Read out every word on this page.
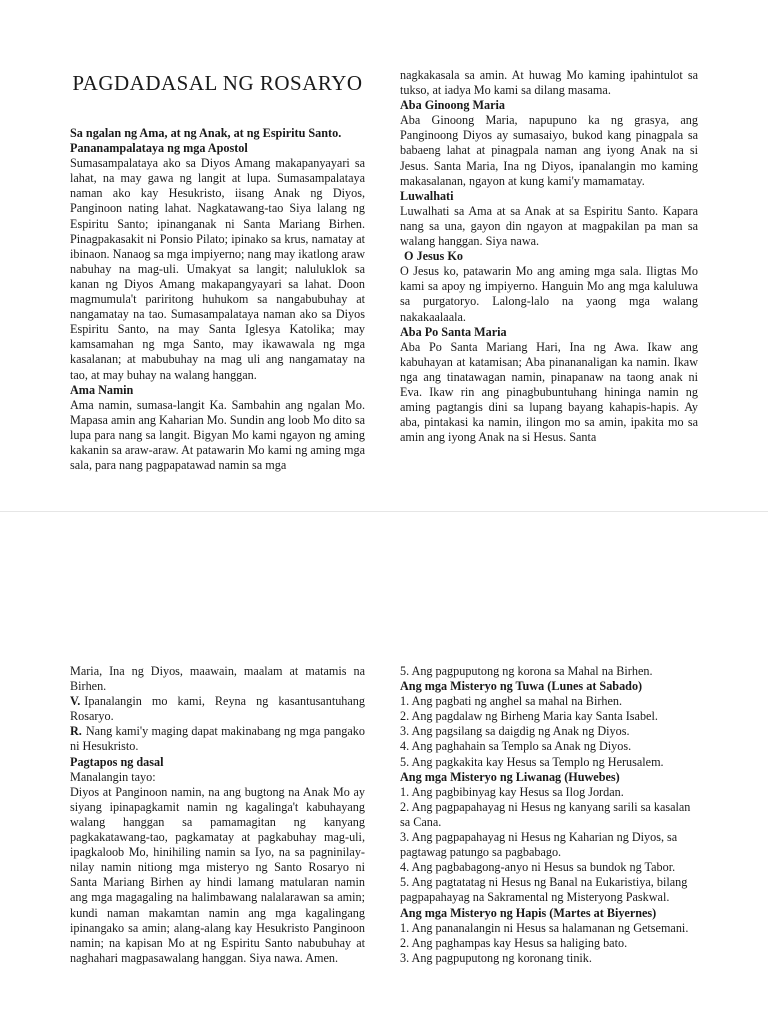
PAGDADASAL NG ROSARYO

Sa ngalan ng Ama, at ng Anak, at ng Espiritu Santo.

Pananampalataya ng mga Apostol

Sumasampalataya ako sa Diyos Amang makapanyayari sa lahat, na may gawa ng langit at lupa. Sumasampalataya naman ako kay Hesukristo, iisang Anak ng Diyos, Panginoon nating lahat. Nagkatawang-tao Siya lalang ng Espiritu Santo; ipinanganak ni Santa Mariang Birhen. Pinagpakasakit ni Ponsio Pilato; ipinako sa krus, namatay at ibinaon. Nanaog sa mga impiyerno; nang may ikatlong araw nabuhay na mag-uli. Umakyat sa langit; naluluklok sa kanan ng Diyos Amang makapangyayari sa lahat. Doon magmumula't pariritong huhukom sa nangabubuhay at nangamatay na tao. Sumasampalataya naman ako sa Diyos Espiritu Santo, na may Santa Iglesya Katolika; may kamsamahan ng mga Santo, may ikawawala ng mga kasalanan; at mabubuhay na mag uli ang nangamatay na tao, at may buhay na walang hanggan.

Ama Namin

Ama namin, sumasa-langit Ka. Sambahin ang ngalan Mo. Mapasa amin ang Kaharian Mo. Sundin ang loob Mo dito sa lupa para nang sa langit. Bigyan Mo kami ngayon ng aming kakanin sa araw-araw. At patawarin Mo kami ng aming mga sala, para nang pagpapatawad namin sa mga

nagkakasala sa amin. At huwag Mo kaming ipahintulot sa tukso, at iadya Mo kami sa dilang masama.

Aba Ginoong Maria

Aba Ginoong Maria, napupuno ka ng grasya, ang Panginoong Diyos ay sumasaiyo, bukod kang pinagpala sa babaeng lahat at pinagpala naman ang iyong Anak na si Jesus. Santa Maria, Ina ng Diyos, ipanalangin mo kaming makasalanan, ngayon at kung kami'y mamamatay.

Luwalhati

Luwalhati sa Ama at sa Anak at sa Espiritu Santo. Kapara nang sa una, gayon din ngayon at magpakilan pa man sa walang hanggan. Siya nawa.

O Jesus Ko

O Jesus ko, patawarin Mo ang aming mga sala. Iligtas Mo kami sa apoy ng impiyerno. Hanguin Mo ang mga kaluluwa sa purgatoryo. Lalong-lalo na yaong mga walang nakakaalaala.

Aba Po Santa Maria

Aba Po Santa Mariang Hari, Ina ng Awa. Ikaw ang kabuhayan at katamisan; Aba pinananaligan ka namin. Ikaw nga ang tinatawagan namin, pinapanaw na taong anak ni Eva. Ikaw rin ang pinagbubuntuhang hininga namin ng aming pagtangis dini sa lupang bayang kahapis-hapis. Ay aba, pintakasi ka namin, ilingon mo sa amin, ipakita mo sa amin ang iyong Anak na si Hesus. Santa

Maria, Ina ng Diyos, maawain, maalam at matamis na Birhen.

V. Ipanalangin mo kami, Reyna ng kasantusantuhang Rosaryo.

R. Nang kami'y maging dapat makinabang ng mga pangako ni Hesukristo.

Pagtapos ng dasal

Manalangin tayo:

Diyos at Panginoon namin, na ang bugtong na Anak Mo ay siyang ipinapagkamit namin ng kagalinga't kabuhayang walang hanggan sa pamamagitan ng kanyang pagkakatawang-tao, pagkamatay at pagkabuhay mag-uli, ipagkaloob Mo, hinihiling namin sa Iyo, na sa pagninilay-nilay namin nitiong mga misteryo ng Santo Rosaryo ni Santa Mariang Birhen ay hindi lamang matularan namin ang mga magagaling na halimbawang nalalarawan sa amin; kundi naman makamtan namin ang mga kagalingang ipinangako sa amin; alang-alang kay Hesukristo Panginoon namin; na kapisan Mo at ng Espiritu Santo nabubuhay at naghahari magpasawalang hanggan. Siya nawa. Amen.

5. Ang pagpuputong ng korona sa Mahal na Birhen.

Ang mga Misteryo ng Tuwa (Lunes at Sabado)

1. Ang pagbati ng anghel sa mahal na Birhen.
2. Ang pagdalaw ng Birheng Maria kay Santa Isabel.
3. Ang pagsilang sa daigdig ng Anak ng Diyos.
4. Ang paghahain sa Templo sa Anak ng Diyos.
5. Ang pagkakita kay Hesus sa Templo ng Herusalem.

Ang mga Misteryo ng Liwanag (Huwebes)

1. Ang pagbibinyag kay Hesus sa Ilog Jordan.
2. Ang pagpapahayag ni Hesus ng kanyang sarili sa kasalan sa Cana.
3. Ang pagpapahayag ni Hesus ng Kaharian ng Diyos, sa pagtawag patungo sa pagbabago.
4. Ang pagbabagong-anyo ni Hesus sa bundok ng Tabor.
5. Ang pagtatatag ni Hesus ng Banal na Eukaristiya, bilang pagpapahayag na Sakramental ng Misteryong Paskwal.

Ang mga Misteryo ng Hapis (Martes at Biyernes)

1. Ang pananalangin ni Hesus sa halamanan ng Getsemani.
2. Ang paghampas kay Hesus sa haliging bato.
3. Ang pagpuputong ng koronang tinik.
